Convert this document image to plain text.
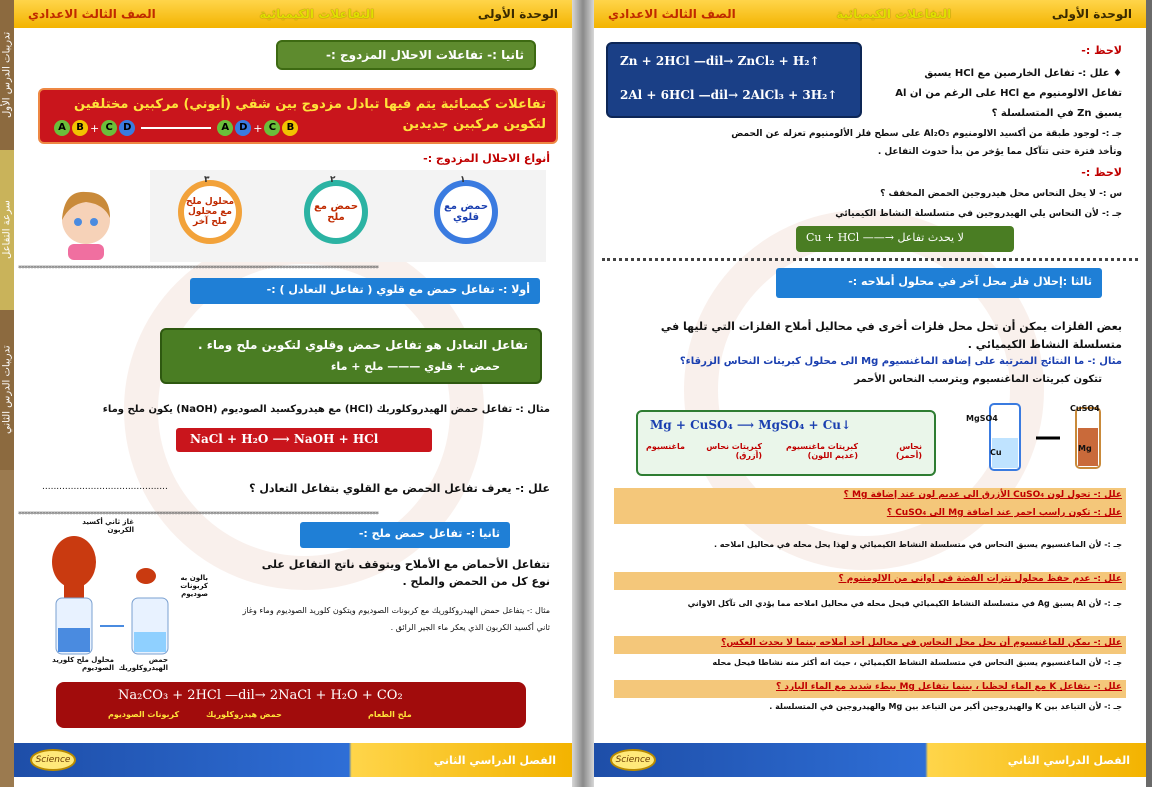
تدريبات الدرس الأول
سرعة التفاعل
تدريبات الدرس الثاني
الوحدة الأولى
التفاعلات الكيميائية
الصف الثالث الاعدادي
ثانيا :- تفاعلات الاحلال المزدوج :-
تفاعلات كيميائية يتم فيها تبادل مزدوج بين شقي (أيوني) مركبين مختلفين لتكوين مركبين جديدين
A	B + C	D	A D + C	B
أنواع الاحلال المزدوج :-
حمض مع قلوي
١
حمض مع ملح
٢
محلول ملح مع محلول ملح آخر
٣
************************************************************************************************************************
أولا :- تفاعل حمض مع قلوي ( تفاعل التعادل ) :-
تفاعل التعادل هو تفاعل حمض وقلوي لتكوين ملح وماء .
حمض + قلوي ——— ملح + ماء
مثال :- تفاعل حمض الهيدروكلوريك (HCl) مع هيدروكسيد الصوديوم (NaOH) يكون ملح وماء
NaCl + H₂O ⟶ NaOH + HCl
علل :- يعرف تفاعل الحمض مع القلوي بتفاعل التعادل ؟
............................................
************************************************************************************************************************
ثانيا :- تفاعل حمض ملح :-
تتفاعل الأحماض مع الأملاح ويتوقف ناتج التفاعل على نوع كل من الحمض والملح .
مثال :- يتفاعل حمض الهيدروكلوريك مع كربونات الصوديوم ويتكون كلوريد الصوديوم وماء وغاز ثاني أكسيد الكربون الذي يعكر ماء الجير الرائق .
غاز ثاني أكسيد الكربون
بالون به كربونات صوديوم
محلول ملح كلوريد الصوديوم
حمض الهيدروكلوريك
Na₂CO₃ + 2HCl —dil→ 2NaCl + H₂O + CO₂
كربونات الصوديوم	حمض هيدروكلوريك	ملح الطعام
الفصل الدراسي الثاني
Science
الوحدة الأولى
التفاعلات الكيميائية
الصف الثالث الاعدادي
Zn + 2HCl —dil→ ZnCl₂ + H₂↑
2Al + 6HCl —dil→ 2AlCl₃ + 3H₂↑
لاحظ :-
♦ علل :- تفاعل الخارصين مع HCl يسبق
تفاعل الالومنيوم مع HCl على الرغم من ان Al
يسبق Zn في المتسلسلة ؟
جـ :- لوجود طبقة من أكسيد الالومنيوم Al₂O₃ على سطح فلز الألومنيوم تعزله عن الحمض
وتأخذ فترة حتى تتآكل مما يؤخر من بدأ حدوث التفاعل .
لاحظ :-
س :- لا يحل النحاس محل هيدروجين الحمض المخفف ؟
جـ :- لأن النحاس يلي الهيدروجين في متسلسلة النشاط الكيميائي
Cu + HCl ——→ لا يحدث تفاعل
ثالثا :إحلال فلز محل آخر في محلول أملاحه :-
بعض الفلزات يمكن أن تحل محل فلزات أخرى في محاليل أملاح الفلزات التي تليها في متسلسلة النشاط الكيميائي .
مثال :- ما النتائج المترتبة على إضافة الماغنسيوم Mg الى محلول كبريتات النحاس الزرقاء؟
تتكون كبريتات الماغنسيوم ويترسب النحاس الأحمر
Mg + CuSO₄ ⟶ MgSO₄ + Cu↓
ماغنسيوم	كبريتات نحاس (أزرق)
كبريتات ماغنسيوم (عديم اللون)
نحاس (أحمر)
MgSO4
CuSO4
Cu	Mg
علل :- تحول لون CuSO₄ الأزرق الى عديم لون عند إضافة Mg ؟
علل :- تكون راسب احمر عند اضافة Mg الى CuSO₄ ؟
جـ :- لأن الماغنسيوم يسبق النحاس في متسلسلة النشاط الكيميائي و لهذا يحل محله في محاليل املاحه .
علل :- عدم حفظ محلول نترات الفضة في اواني من الالومنيوم ؟
جـ :- لأن Al يسبق Ag في متسلسلة النشاط الكيميائي فيحل محله في محاليل املاحه مما يؤدي الى تآكل الاواني
علل :- يمكن للماغنسيوم أن يحل محل النحاس في محاليل أحد أملاحه بينما لا يحدث العكس؟
جـ :- لأن الماغنسيوم يسبق النحاس في متسلسلة النشاط الكيميائي ، حيث انه أكثر منه نشاطا فيحل محله
علل :- يتفاعل K مع الماء لحظيا ، بينما يتفاعل Mg ببطء شديد مع الماء البارد ؟
جـ :- لأن التباعد بين K والهيدروجين أكبر من التباعد بين Mg والهيدروجين في المتسلسلة .
الفصل الدراسي الثاني
Science
